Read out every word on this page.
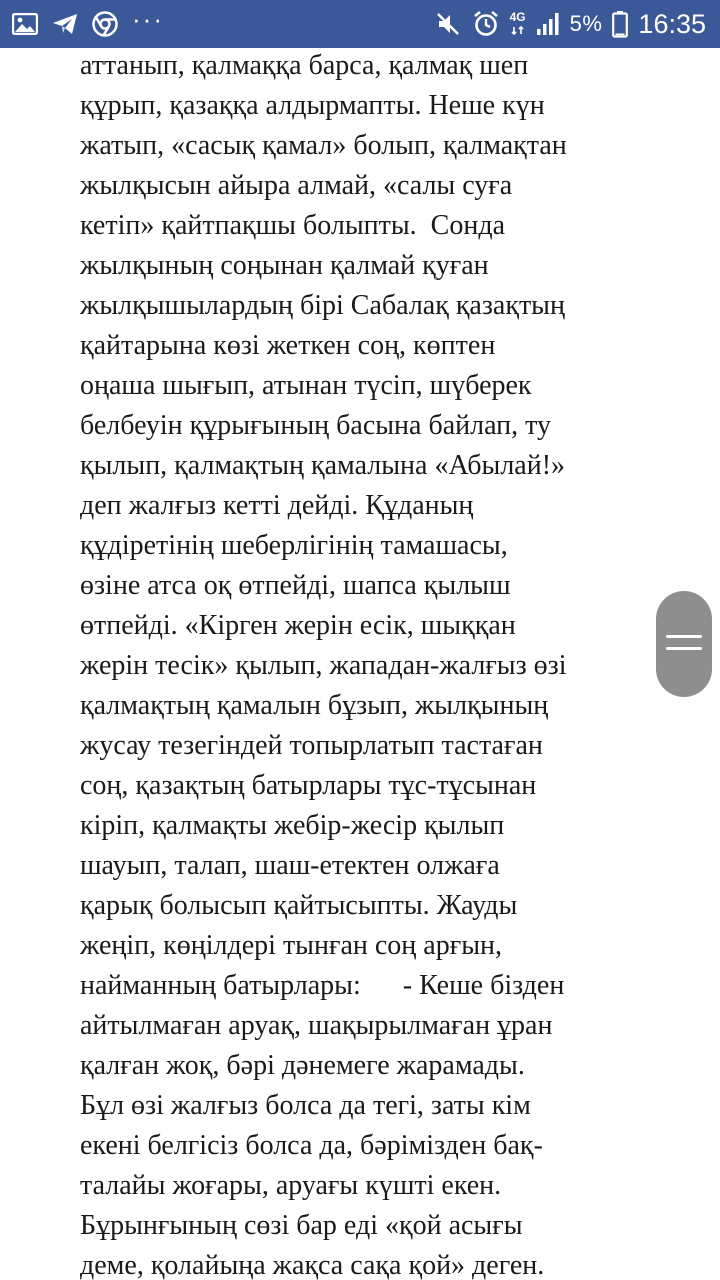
···	4G 5% 16:35
аттанып, қалмаққа барса, қалмақ шеп
құрып, қазаққа алдырмапты. Неше күн
жатып, «сасық қамал» болып, қалмақтан
жылқысын айыра алмай, «салы суға
кетіп» қайтпақшы болыпты.  Сонда
жылқының соңынан қалмай қуған
жылқышылардың бірі Сабалақ қазақтың
қайтарына көзі жеткен соң, көптен
оңаша шығып, атынан түсіп, шүберек
белбеуін құрығының басына байлап, ту
қылып, қалмақтың қамалына «Абылай!»
деп жалғыз кетті дейді. Құданың
құдіретінің шеберлігінің тамашасы,
өзіне атса оқ өтпейді, шапса қылыш
өтпейді. «Кірген жерін есік, шыққан
жерін тесік» қылып, жападан-жалғыз өзі
қалмақтың қамалын бұзып, жылқының
жусау тезегіндей топырлатып тастаған
соң, қазақтың батырлары тұс-тұсынан
кіріп, қалмақты жебір-жесір қылып
шауып, талап, шаш-етектен олжаға
қарық болысып қайтысыпты. Жауды
жеңіп, көңілдері тынған соң арғын,
найманның батырлары:      - Кеше бізден
айтылмаған аруақ, шақырылмаған ұран
қалған жоқ, бәрі дәнемеге жарамады.
Бұл өзі жалғыз болса да тегі, заты кім
екені белгісіз болса да, бәрімізден бақ-
талайы жоғары, аруағы күшті екен.
Бұрынғының сөзі бар еді «қой асығы
деме, қолайыңа жақса сақа қой» деген.
